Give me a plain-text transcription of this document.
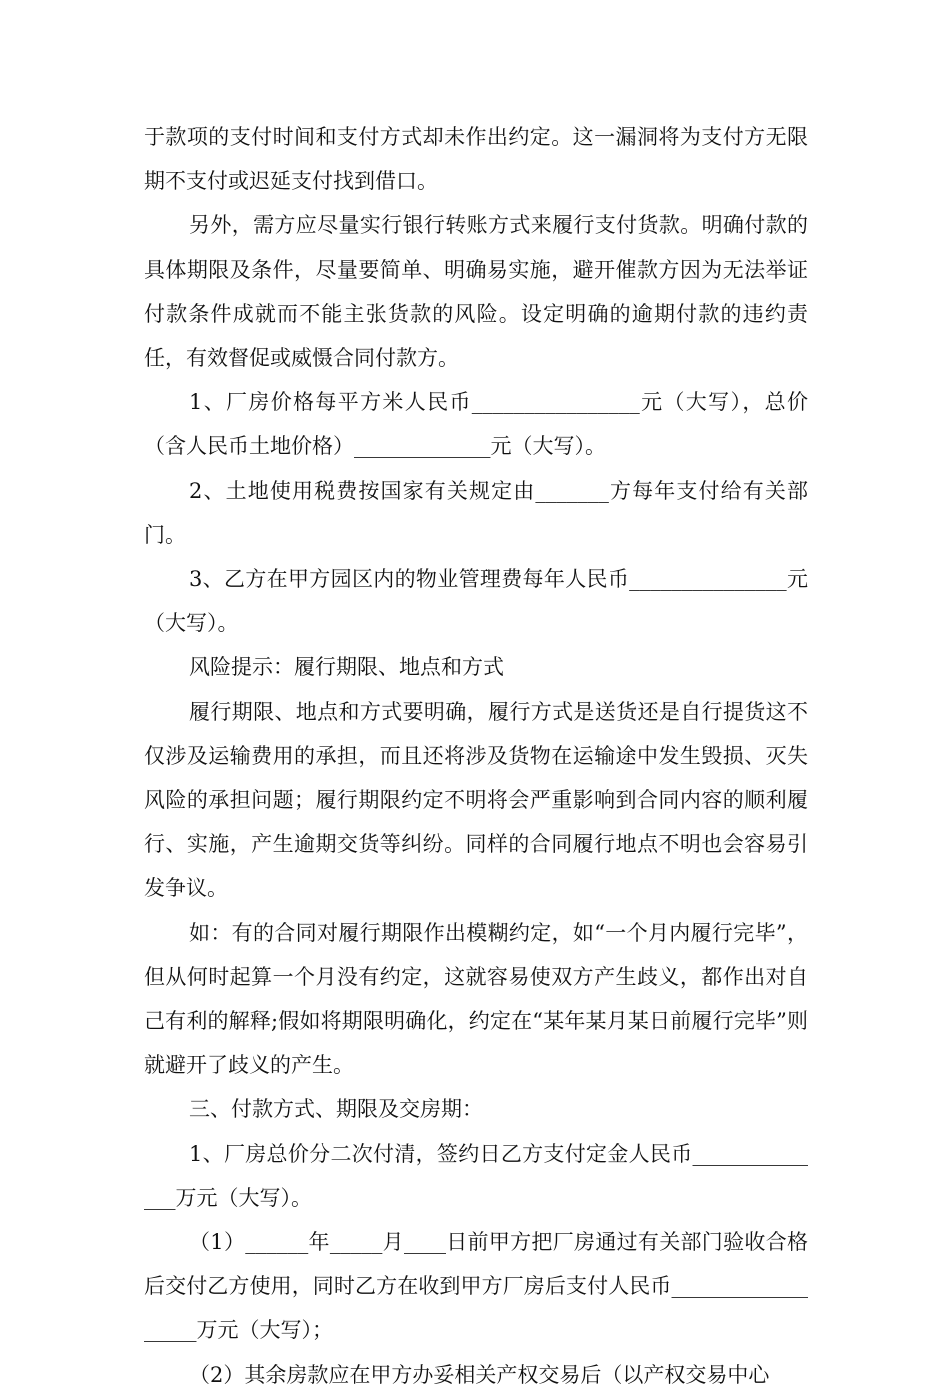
于款项的支付时间和支付方式却未作出约定。这一漏洞将为支付方无限期不支付或迟延支付找到借口。

另外，需方应尽量实行银行转账方式来履行支付货款。明确付款的具体期限及条件，尽量要简单、明确易实施，避开催款方因为无法举证付款条件成就而不能主张货款的风险。设定明确的逾期付款的违约责任，有效督促或威慑合同付款方。

1、厂房价格每平方米人民币________________元（大写），总价（含人民币土地价格）_____________元（大写）。

2、土地使用税费按国家有关规定由_______方每年支付给有关部门。

3、乙方在甲方园区内的物业管理费每年人民币_______________元（大写）。

风险提示：履行期限、地点和方式

履行期限、地点和方式要明确，履行方式是送货还是自行提货这不仅涉及运输费用的承担，而且还将涉及货物在运输途中发生毁损、灭失风险的承担问题；履行期限约定不明将会严重影响到合同内容的顺利履行、实施，产生逾期交货等纠纷。同样的合同履行地点不明也会容易引发争议。

如：有的合同对履行期限作出模糊约定，如“一个月内履行完毕”，但从何时起算一个月没有约定，这就容易使双方产生歧义，都作出对自己有利的解释;假如将期限明确化，约定在“某年某月某日前履行完毕”则就避开了歧义的产生。

三、付款方式、期限及交房期：

1、厂房总价分二次付清，签约日乙方支付定金人民币______________万元（大写）。

（1）______年_____月____日前甲方把厂房通过有关部门验收合格后交付乙方使用，同时乙方在收到甲方厂房后支付人民币__________________万元（大写）；

（2）其余房款应在甲方办妥相关产权交易后（以产权交易中心
